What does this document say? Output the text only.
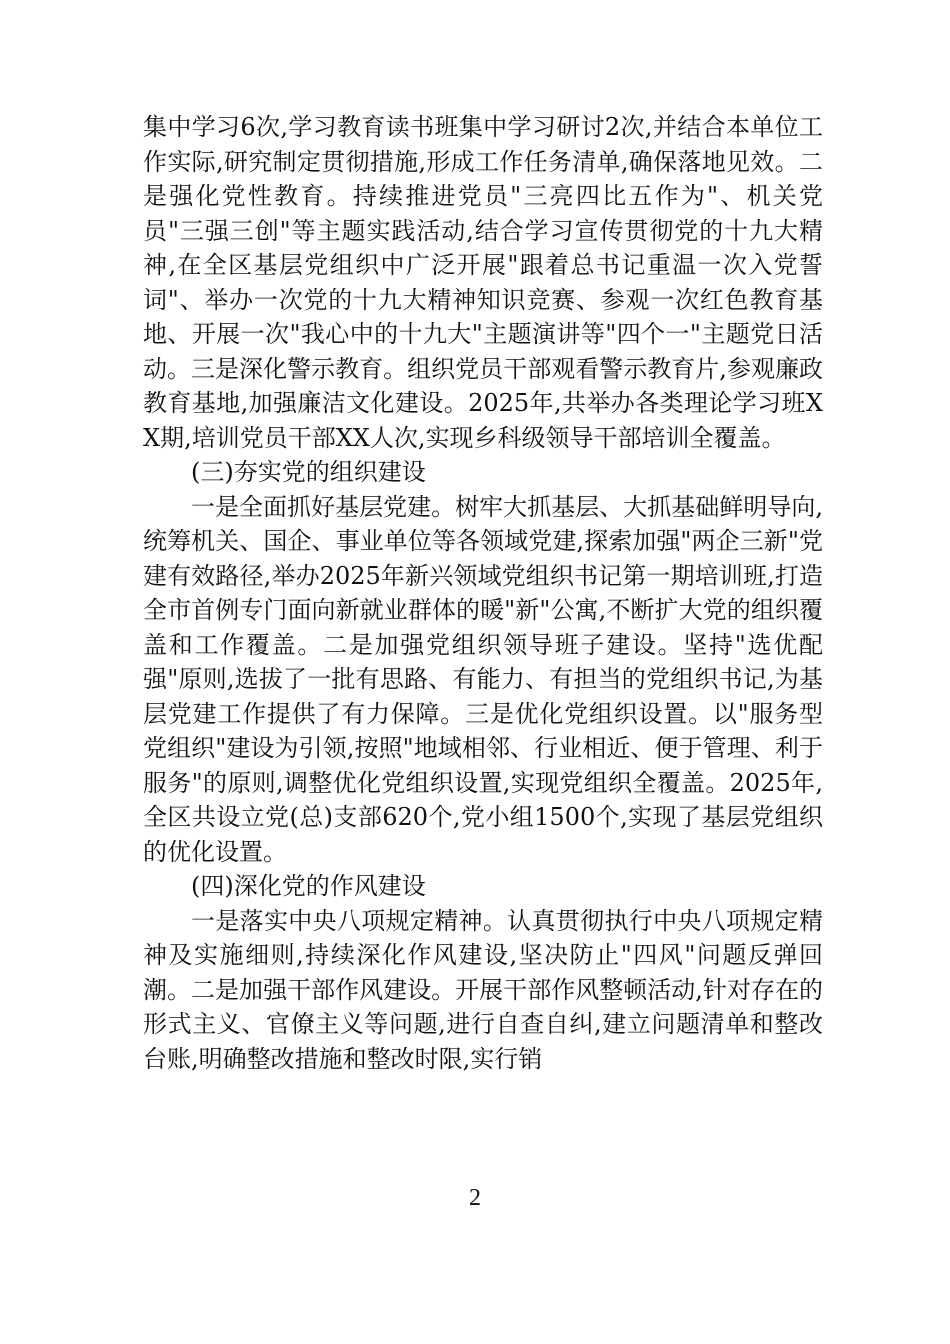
集中学习6次,学习教育读书班集中学习研讨2次,并结合本单位工作实际,研究制定贯彻措施,形成工作任务清单,确保落地见效。二是强化党性教育。持续推进党员"三亮四比五作为"、机关党员"三强三创"等主题实践活动,结合学习宣传贯彻党的十九大精神,在全区基层党组织中广泛开展"跟着总书记重温一次入党誓词"、举办一次党的十九大精神知识竞赛、参观一次红色教育基地、开展一次"我心中的十九大"主题演讲等"四个一"主题党日活动。三是深化警示教育。组织党员干部观看警示教育片,参观廉政教育基地,加强廉洁文化建设。2025年,共举办各类理论学习班XX期,培训党员干部XX人次,实现乡科级领导干部培训全覆盖。

(三)夯实党的组织建设

一是全面抓好基层党建。树牢大抓基层、大抓基础鲜明导向,统筹机关、国企、事业单位等各领域党建,探索加强"两企三新"党建有效路径,举办2025年新兴领域党组织书记第一期培训班,打造全市首例专门面向新就业群体的暖"新"公寓,不断扩大党的组织覆盖和工作覆盖。二是加强党组织领导班子建设。坚持"选优配强"原则,选拔了一批有思路、有能力、有担当的党组织书记,为基层党建工作提供了有力保障。三是优化党组织设置。以"服务型党组织"建设为引领,按照"地域相邻、行业相近、便于管理、利于服务"的原则,调整优化党组织设置,实现党组织全覆盖。2025年,全区共设立党(总)支部620个,党小组1500个,实现了基层党组织的优化设置。

(四)深化党的作风建设

一是落实中央八项规定精神。认真贯彻执行中央八项规定精神及实施细则,持续深化作风建设,坚决防止"四风"问题反弹回潮。二是加强干部作风建设。开展干部作风整顿活动,针对存在的形式主义、官僚主义等问题,进行自查自纠,建立问题清单和整改台账,明确整改措施和整改时限,实行销

2
